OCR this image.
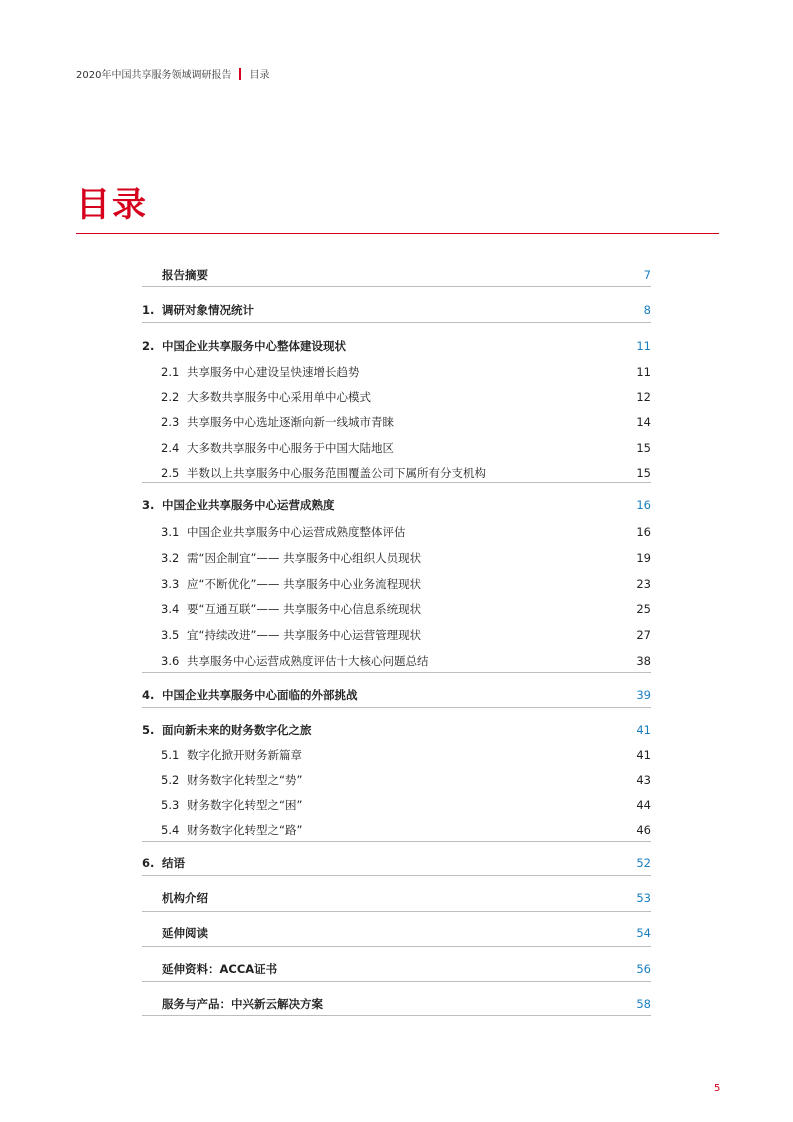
2020年中国共享服务领域调研报告 目录
目录
报告摘要	7
1. 调研对象情况统计	8
2. 中国企业共享服务中心整体建设现状	11
2.1 共享服务中心建设呈快速增长趋势	11
2.2 大多数共享服务中心采用单中心模式	12
2.3 共享服务中心选址逐渐向新一线城市青睐	14
2.4 大多数共享服务中心服务于中国大陆地区	15
2.5 半数以上共享服务中心服务范围覆盖公司下属所有分支机构	15
3. 中国企业共享服务中心运营成熟度	16
3.1 中国企业共享服务中心运营成熟度整体评估	16
3.2 需“因企制宜”—— 共享服务中心组织人员现状	19
3.3 应“不断优化”—— 共享服务中心业务流程现状	23
3.4 要“互通互联”—— 共享服务中心信息系统现状	25
3.5 宜“持续改进”—— 共享服务中心运营管理现状	27
3.6 共享服务中心运营成熟度评估十大核心问题总结	38
4. 中国企业共享服务中心面临的外部挑战	39
5. 面向新未来的财务数字化之旅	41
5.1 数字化掀开财务新篇章	41
5.2 财务数字化转型之“势”	43
5.3 财务数字化转型之“困”	44
5.4 财务数字化转型之“路”	46
6. 结语	52
机构介绍	53
延伸阅读	54
延伸资料：ACCA证书	56
服务与产品：中兴新云解决方案	58
5
